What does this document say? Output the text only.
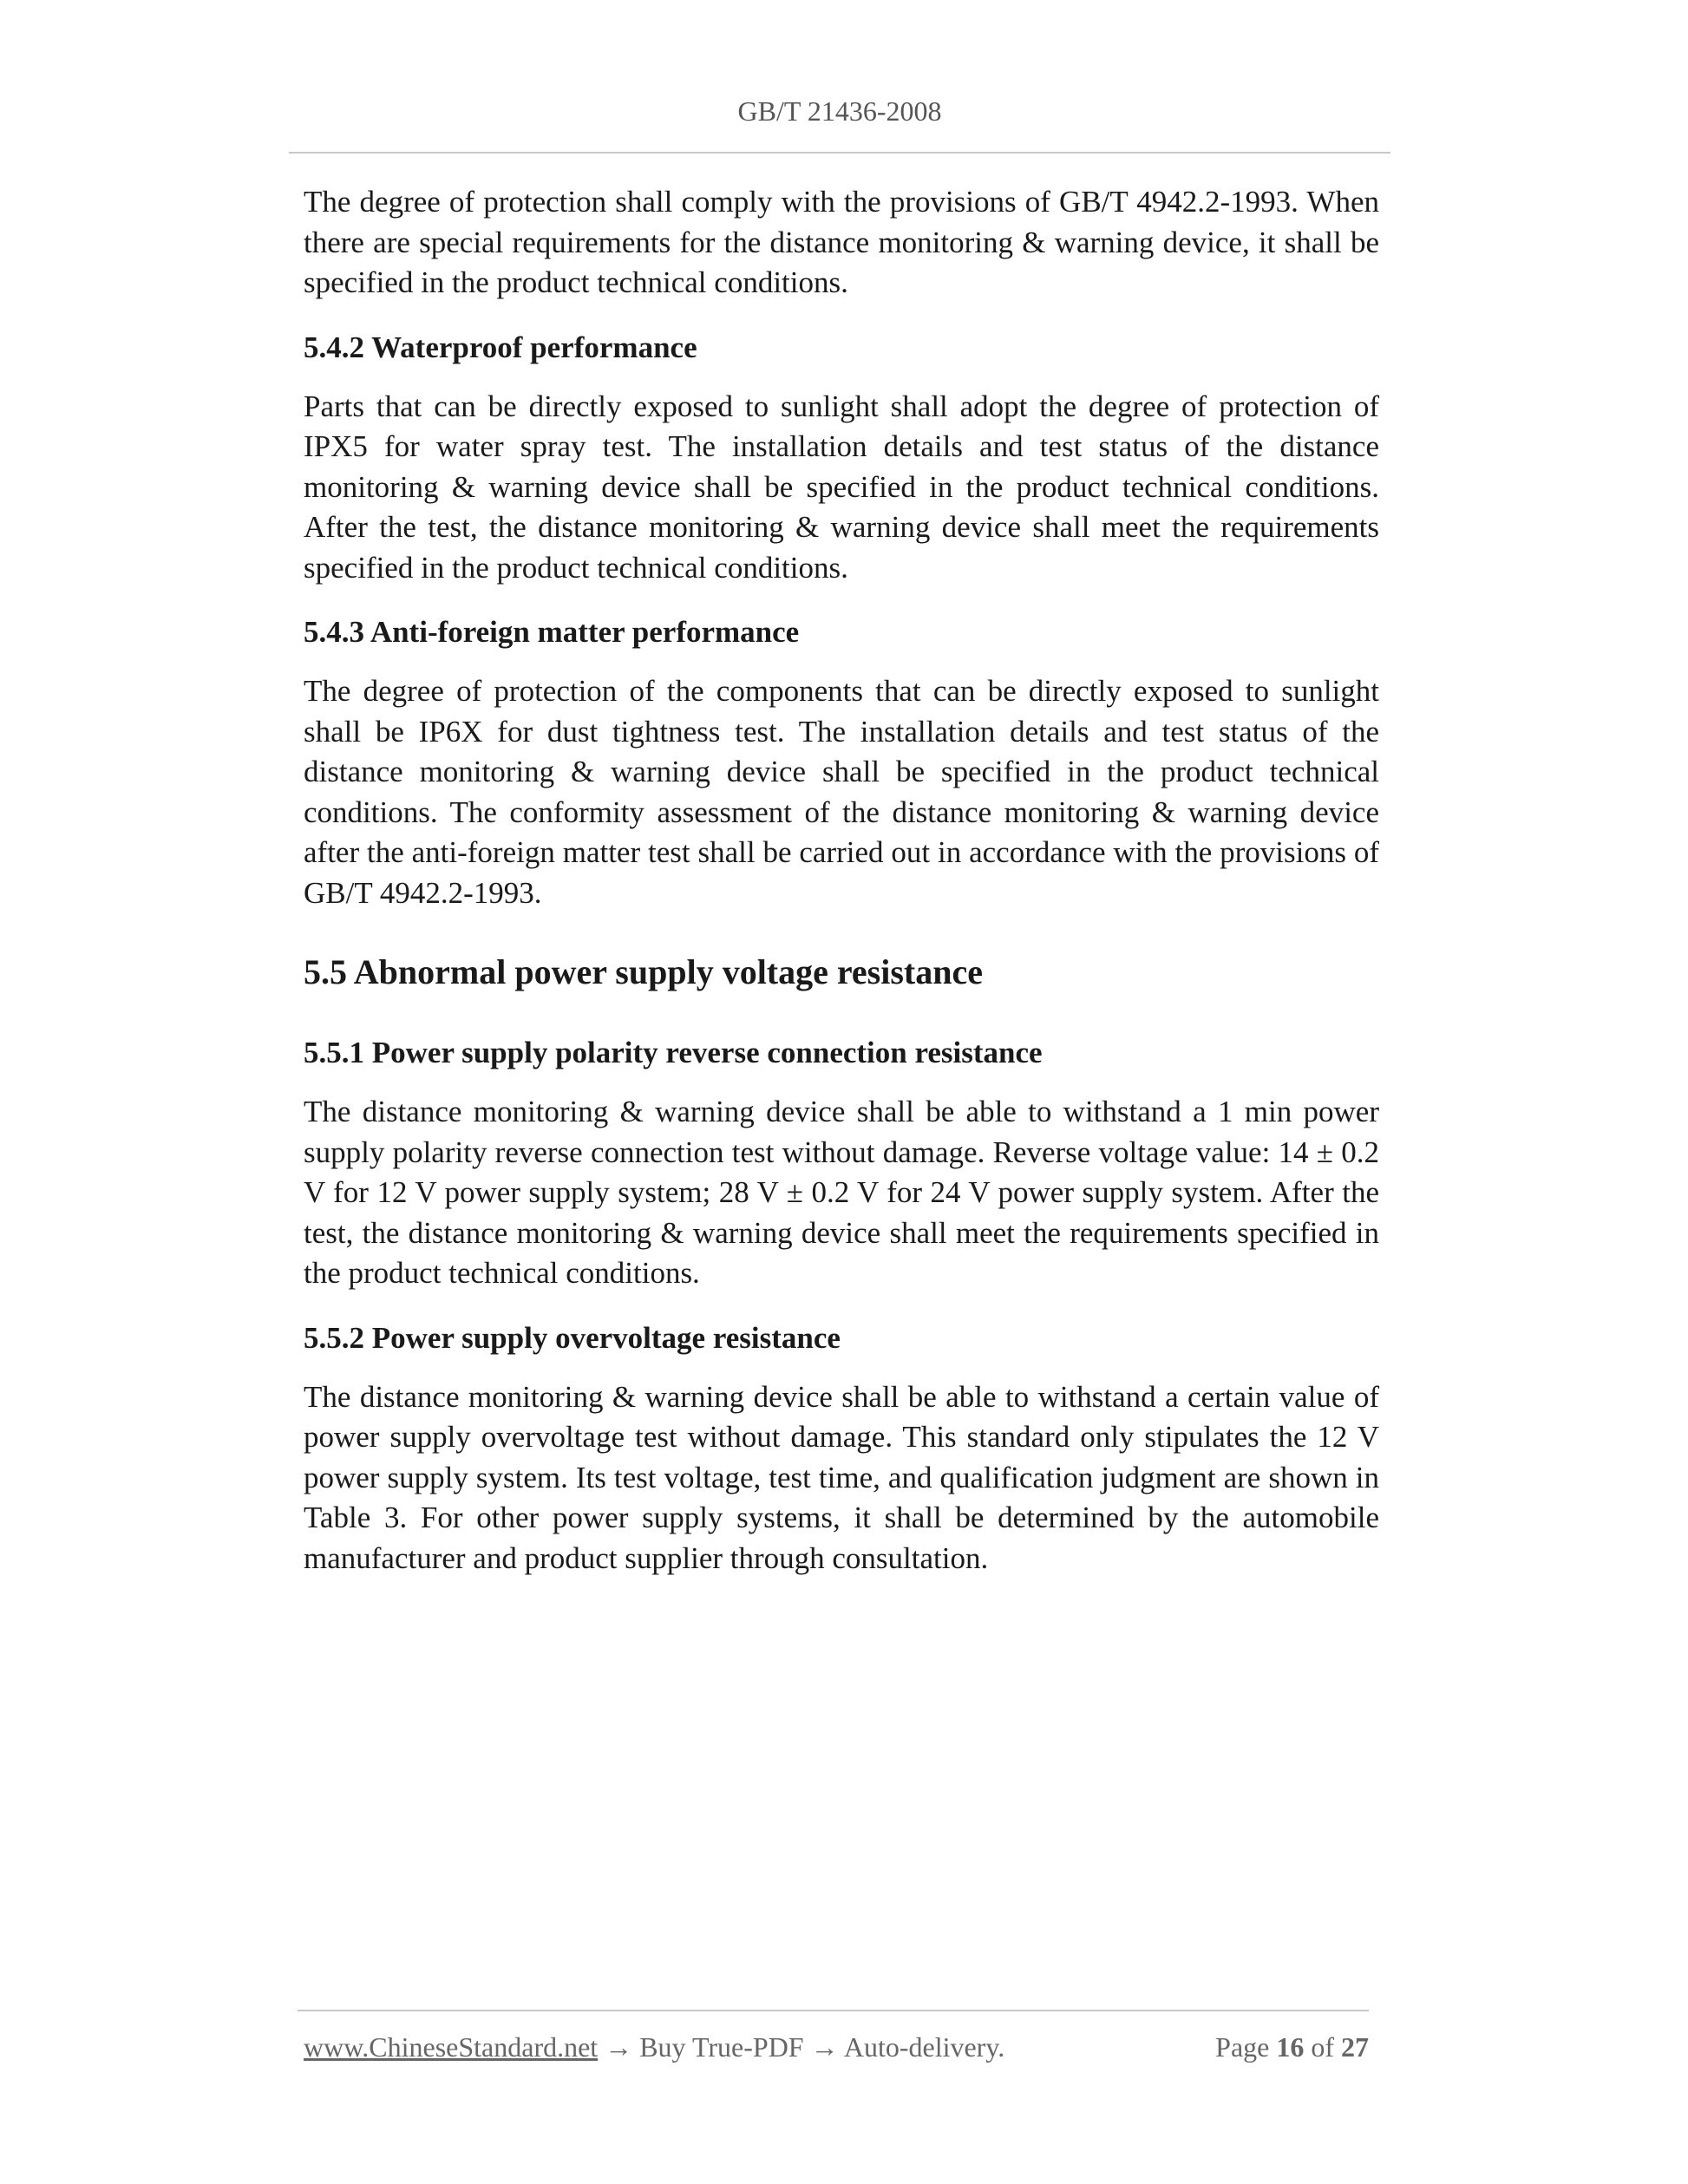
GB/T 21436-2008

The degree of protection shall comply with the provisions of GB/T 4942.2-1993. When there are special requirements for the distance monitoring & warning device, it shall be specified in the product technical conditions.

5.4.2 Waterproof performance

Parts that can be directly exposed to sunlight shall adopt the degree of protection of IPX5 for water spray test. The installation details and test status of the distance monitoring & warning device shall be specified in the product technical conditions. After the test, the distance monitoring & warning device shall meet the requirements specified in the product technical conditions.

5.4.3 Anti-foreign matter performance

The degree of protection of the components that can be directly exposed to sunlight shall be IP6X for dust tightness test. The installation details and test status of the distance monitoring & warning device shall be specified in the product technical conditions. The conformity assessment of the distance monitoring & warning device after the anti-foreign matter test shall be carried out in accordance with the provisions of GB/T 4942.2-1993.

5.5 Abnormal power supply voltage resistance
5.5.1 Power supply polarity reverse connection resistance

The distance monitoring & warning device shall be able to withstand a 1 min power supply polarity reverse connection test without damage. Reverse voltage value: 14 ± 0.2 V for 12 V power supply system; 28 V ± 0.2 V for 24 V power supply system. After the test, the distance monitoring & warning device shall meet the requirements specified in the product technical conditions.

5.5.2 Power supply overvoltage resistance

The distance monitoring & warning device shall be able to withstand a certain value of power supply overvoltage test without damage. This standard only stipulates the 12 V power supply system. Its test voltage, test time, and qualification judgment are shown in Table 3. For other power supply systems, it shall be determined by the automobile manufacturer and product supplier through consultation.

www.ChineseStandard.net → Buy True-PDF → Auto-delivery.	Page 16 of 27
